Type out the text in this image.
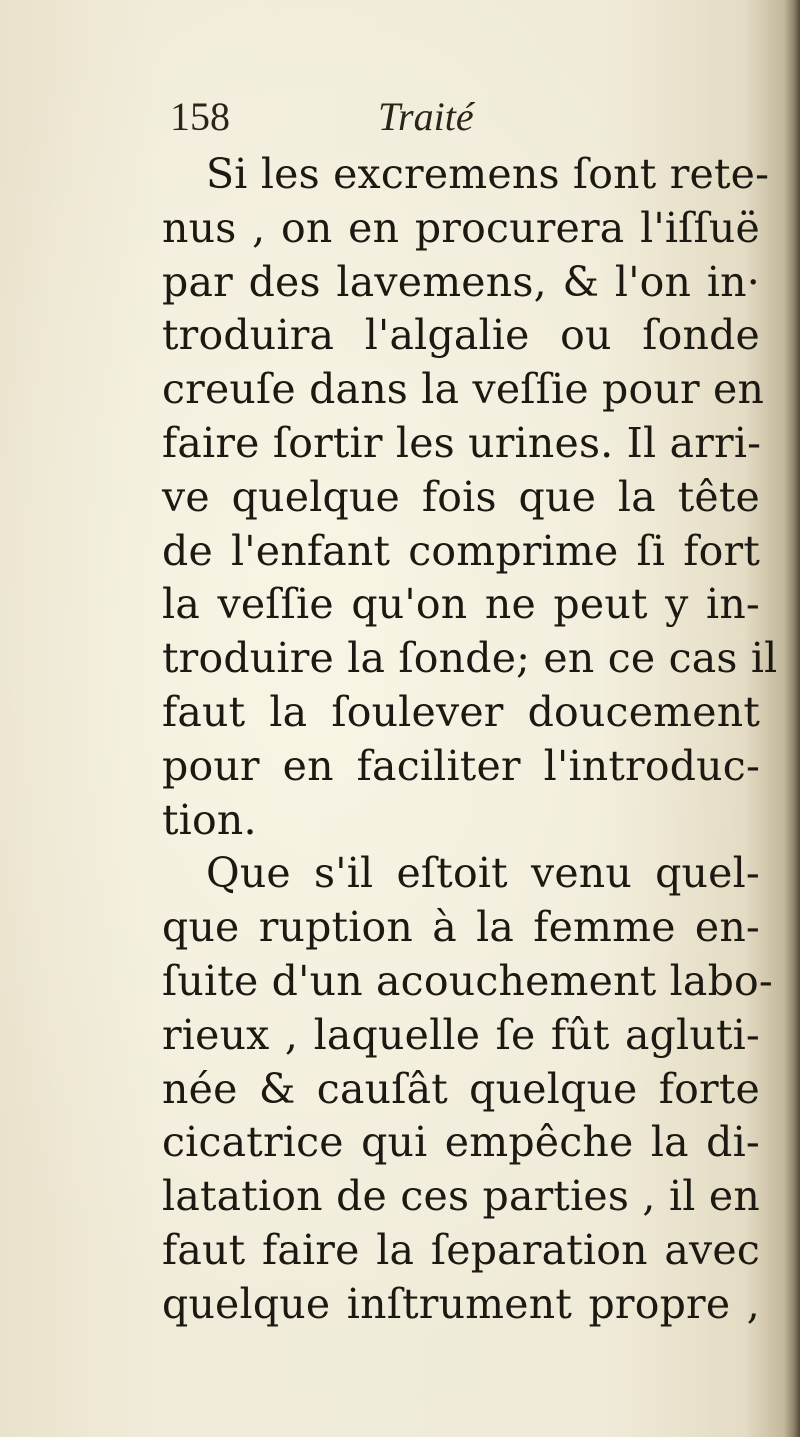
158	Traité
Si les excremens ſont rete-
nus , on en procurera l'iſſuë
par des lavemens, & l'on in·
troduira l'algalie ou ſonde
creuſe dans la veſſie pour en
faire ſortir les urines. Il arri-
ve quelque fois que la tête
de l'enfant comprime ſi fort
la veſſie qu'on ne peut y in-
troduire la ſonde; en ce cas il
faut la ſoulever doucement
pour en faciliter l'introduc-
tion.
Que s'il eſtoit venu quel-
que ruption à la femme en-
ſuite d'un acouchement labo-
rieux , laquelle ſe fût agluti-
née & cauſât quelque forte
cicatrice qui empêche la di-
latation de ces parties , il en
faut faire la ſeparation avec
quelque inſtrument propre ,
